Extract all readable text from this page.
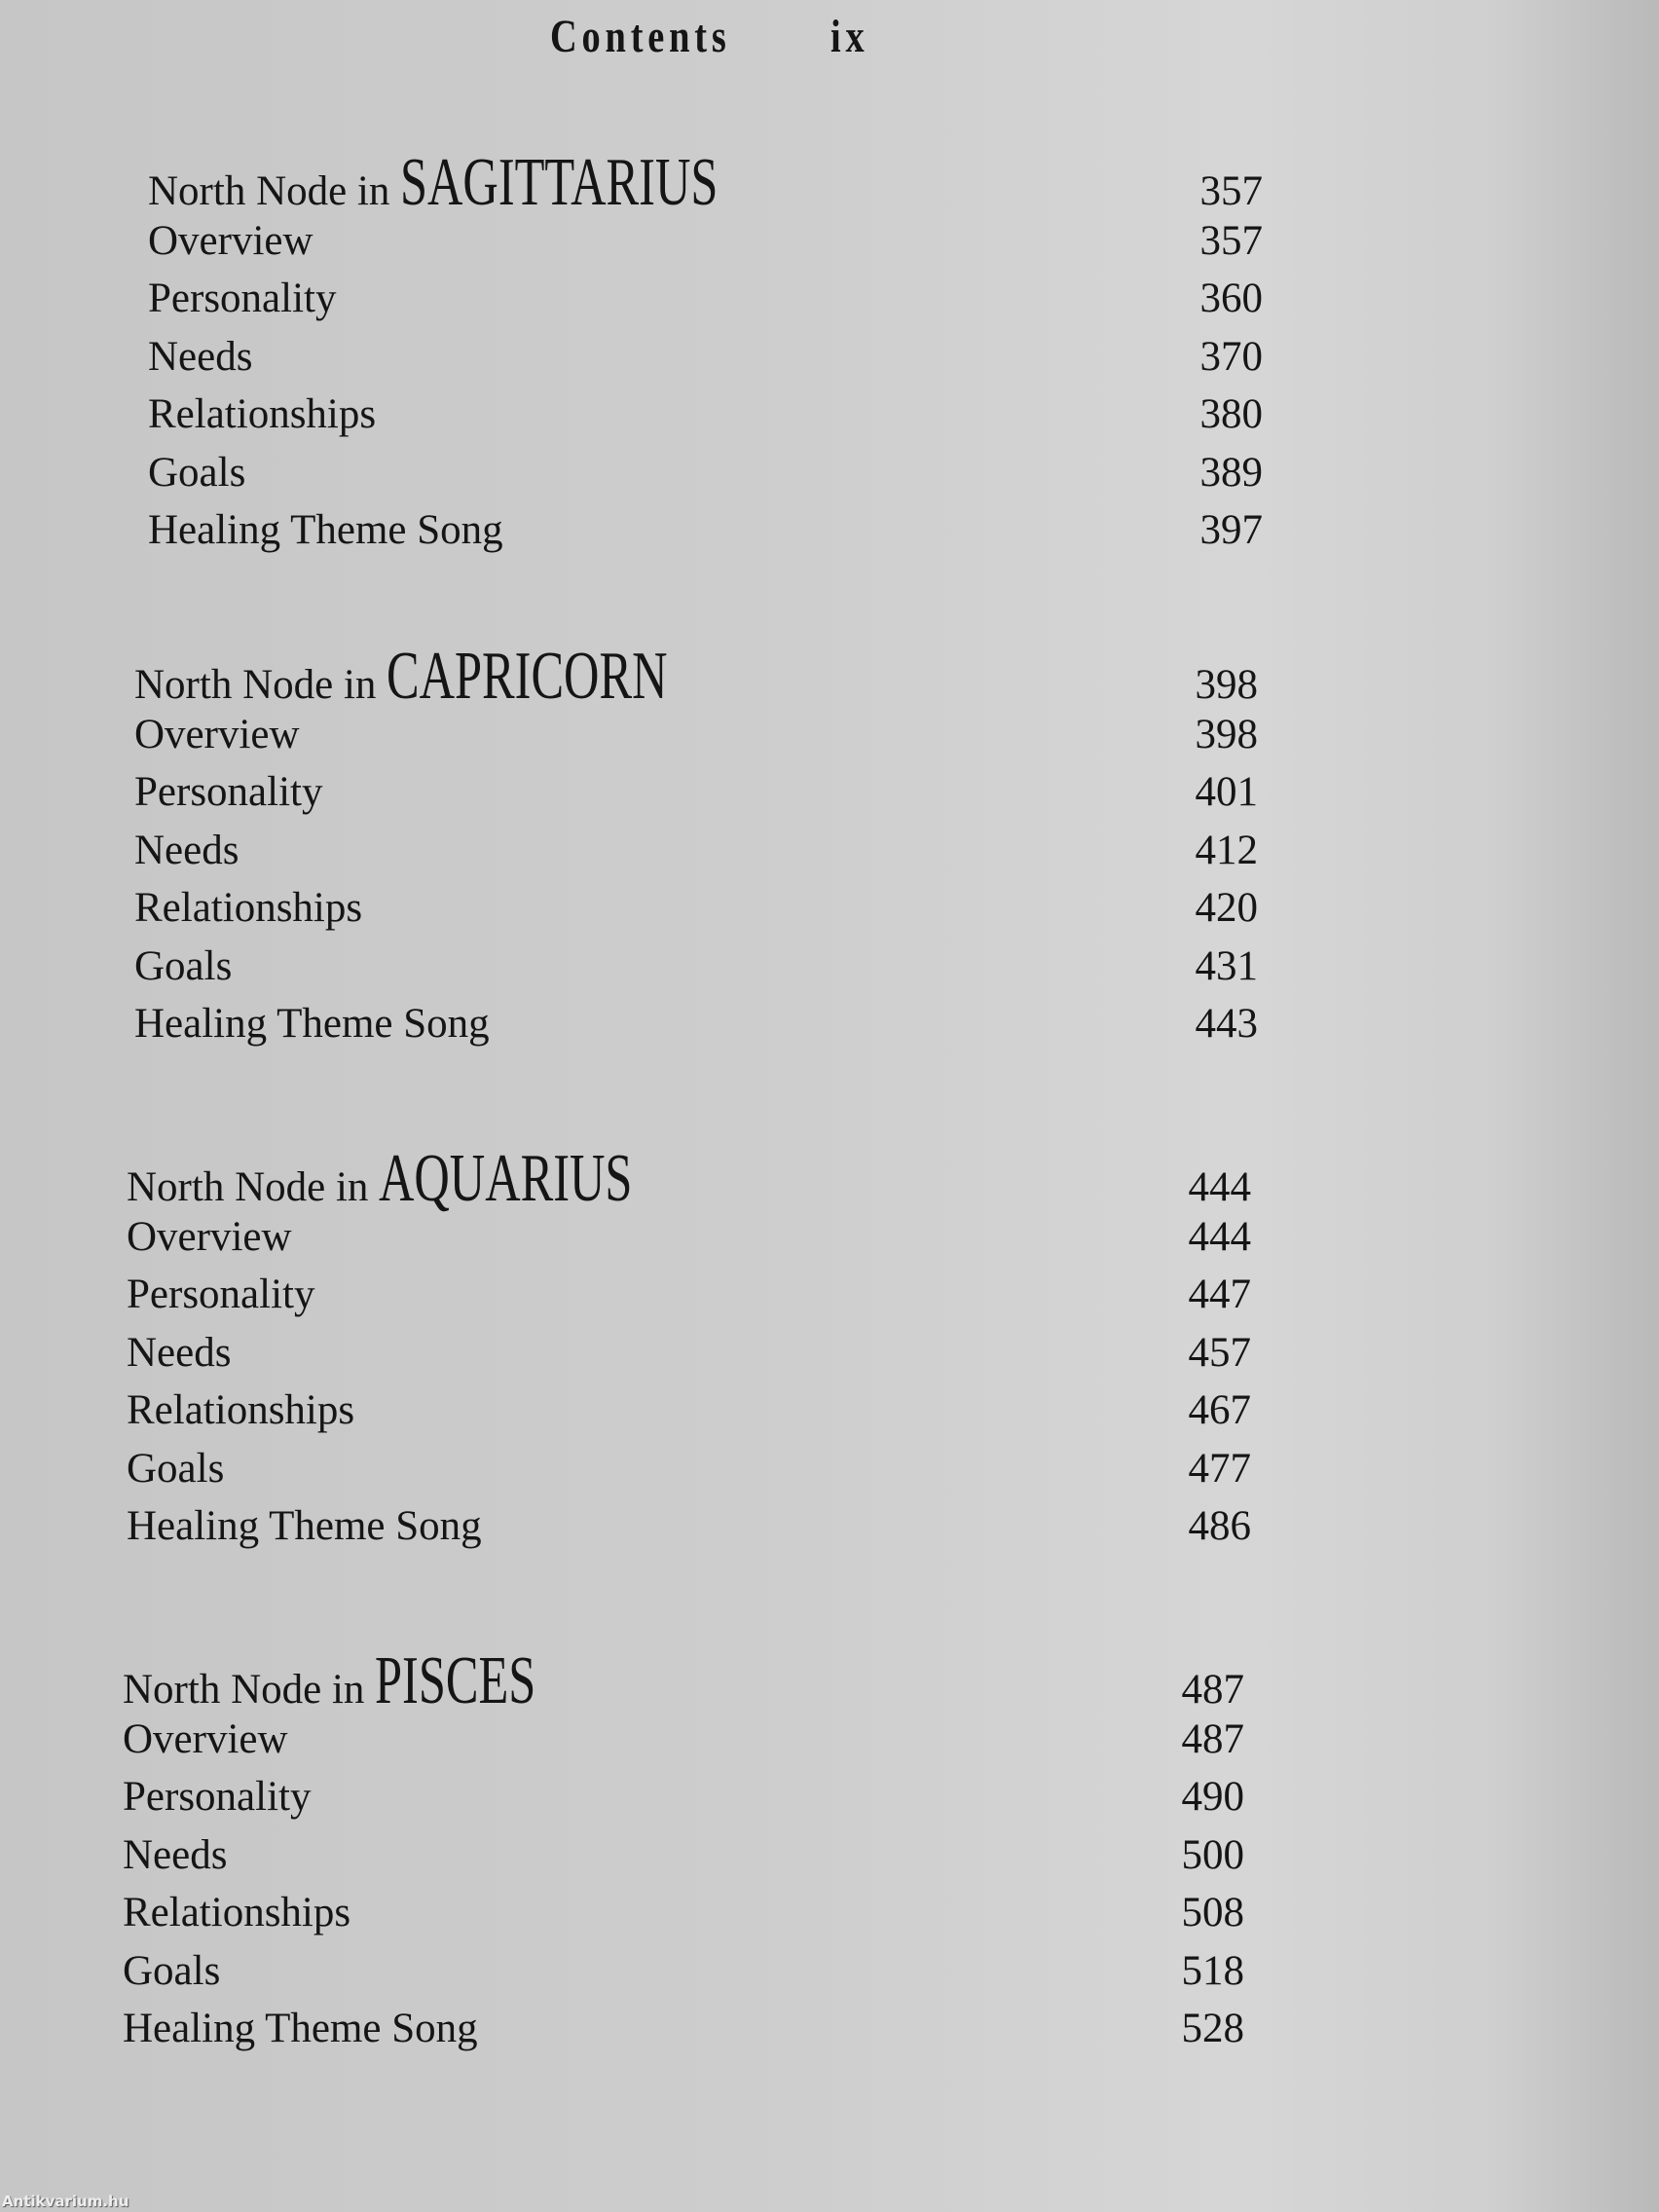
Contents ix
North Node in SAGITTARIUS	357
Overview	357
Personality	360
Needs	370
Relationships	380
Goals	389
Healing Theme Song	397
North Node in CAPRICORN	398
Overview	398
Personality	401
Needs	412
Relationships	420
Goals	431
Healing Theme Song	443
North Node in AQUARIUS	444
Overview	444
Personality	447
Needs	457
Relationships	467
Goals	477
Healing Theme Song	486
North Node in PISCES	487
Overview	487
Personality	490
Needs	500
Relationships	508
Goals	518
Healing Theme Song	528
Antikvarium.hu
